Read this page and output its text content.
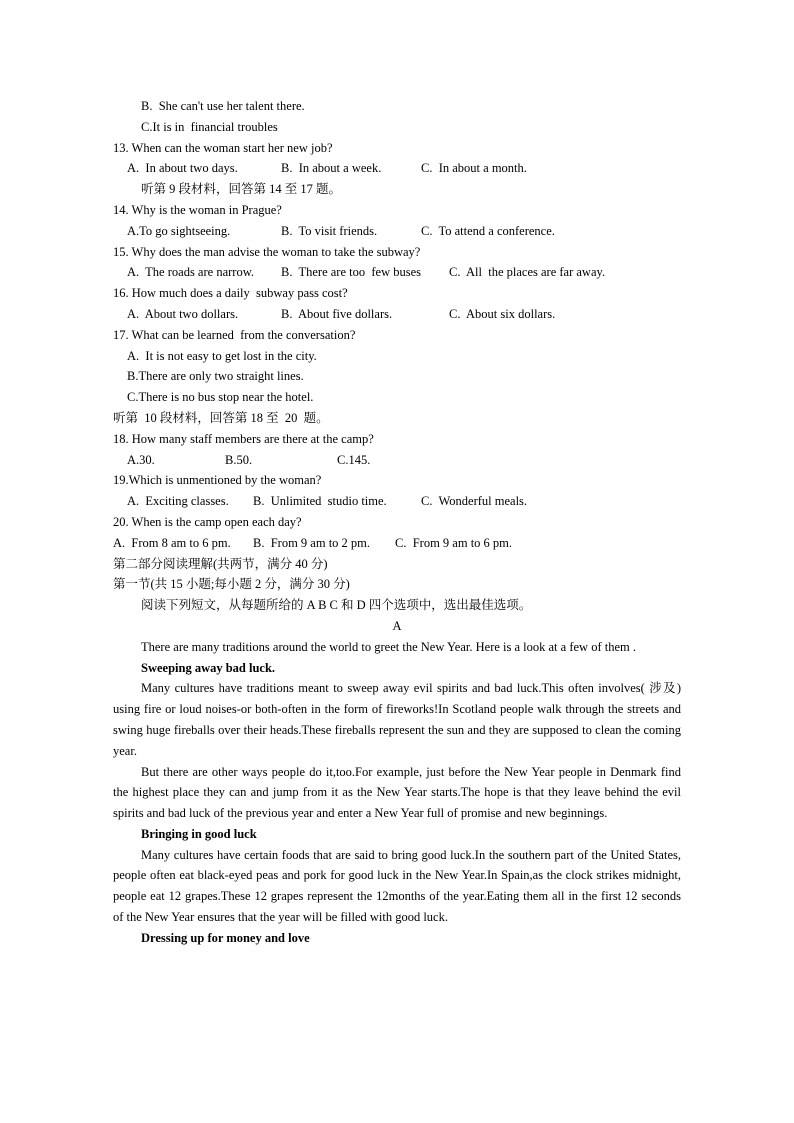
B.  She can't use her talent there.
C.It is in  financial troubles
13. When can the woman start her new job?
A.  In about two days.	B.  In about a week.	C.  In about a month.
听第 9 段材料，回答第 14 至 17 题。
14. Why is the woman in Prague?
A.To go sightseeing.	B.  To visit friends.	C.  To attend a conference.
15. Why does the man advise the woman to take the subway?
A.  The roads are narrow.	B.  There are too  few buses	C.  All  the places are far away.
16. How much does a daily  subway pass cost?
A.  About two dollars.	B.  About five dollars.	C.  About six dollars.
17. What can be learned  from the conversation?
A.  It is not easy to get lost in the city.
B.There are only two straight lines.
C.There is no bus stop near the hotel.
听第  10 段材料，回答第 18 至  20  题。
18. How many staff members are there at the camp?
A.30.	B.50.	C.145.
19.Which is unmentioned by the woman?
A.  Exciting classes.	B.  Unlimited  studio time.	C.  Wonderful meals.
20. When is the camp open each day?
A.  From 8 am to 6 pm.	B.  From 9 am to 2 pm.	C.  From 9 am to 6 pm.
第二部分阅读理解(共两节，满分 40 分)
第一节(共 15 小题;每小题 2 分，满分 30 分)
阅读下列短文，从每题所给的 A B C 和 D 四个选项中，选出最佳选项。
A

There are many traditions around the world to greet the New Year. Here is a look at a few of them .

Sweeping away bad luck.

Many cultures have traditions meant to sweep away evil spirits and bad luck.This often involves( 涉及) using fire or loud noises-or both-often in the form of fireworks!In Scotland people walk through the streets and swing huge fireballs over their heads.These fireballs represent the sun and they are supposed to clean the coming year.

But there are other ways people do it,too.For example, just before the New Year people in Denmark find the highest place they can and jump from it as the New Year starts.The hope is that they leave behind the evil spirits and bad luck of the previous year and enter a New Year full of promise and new beginnings.

Bringing in good luck

Many cultures have certain foods that are said to bring good luck.In the southern part of the United States, people often eat black-eyed peas and pork for good luck in the New Year.In Spain,as the clock strikes midnight, people eat 12 grapes.These 12 grapes represent the 12months of the year.Eating them all in the first 12 seconds of the New Year ensures that the year will be filled with good luck.

Dressing up for money and love
